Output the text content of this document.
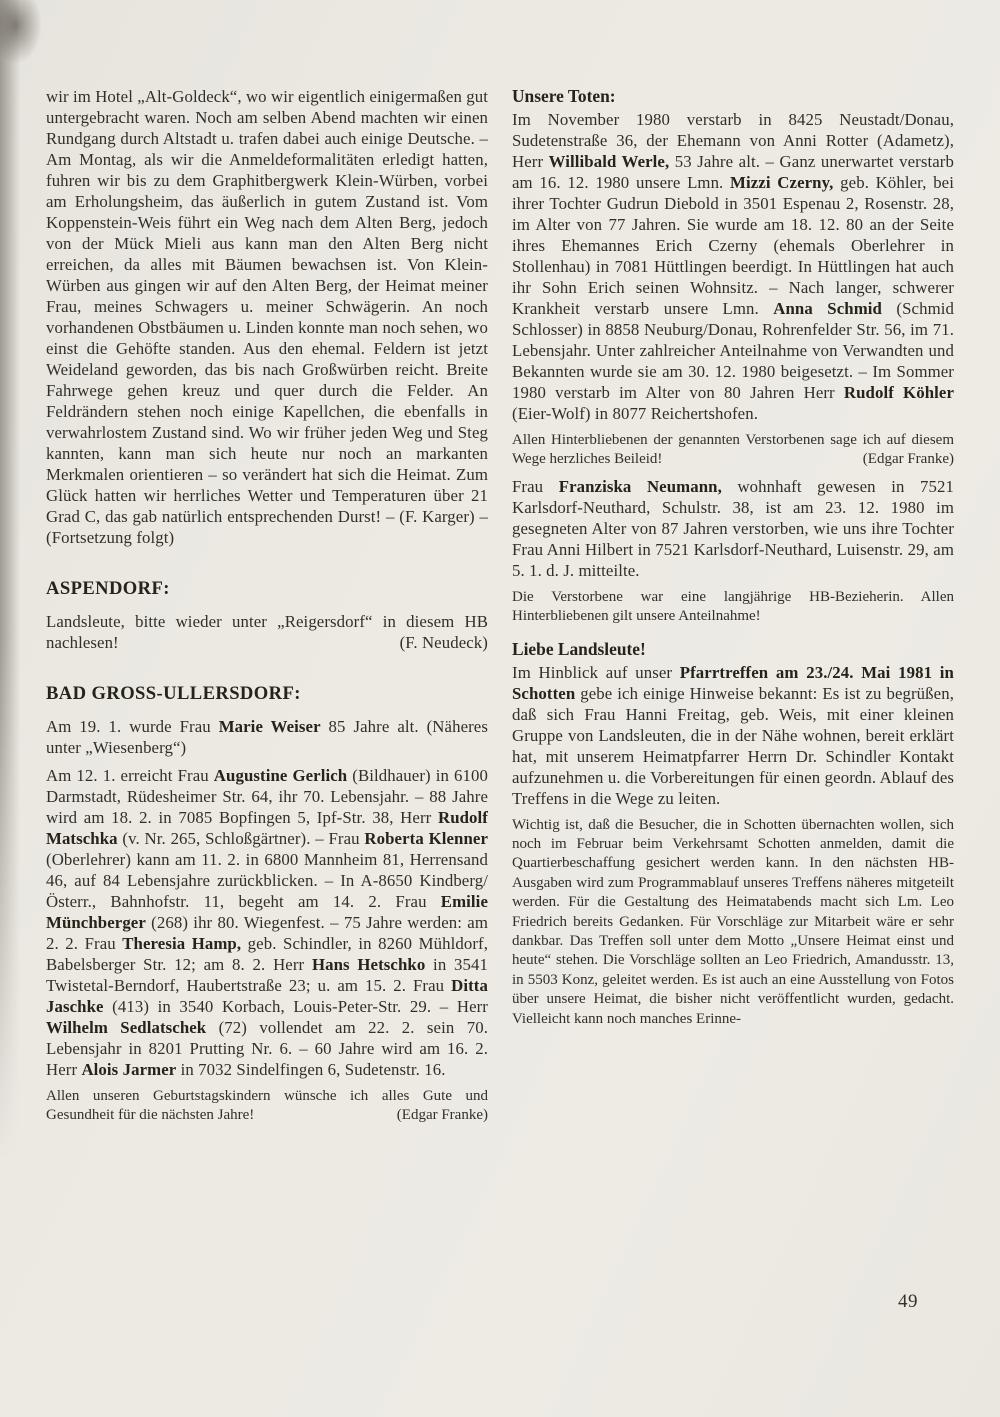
wir im Hotel „Alt-Goldeck“, wo wir eigentlich einigermaßen gut untergebracht waren. Noch am selben Abend machten wir einen Rundgang durch Altstadt u. trafen dabei auch einige Deutsche. – Am Montag, als wir die Anmeldeformalitäten erledigt hatten, fuhren wir bis zu dem Graphitbergwerk Klein-Würben, vorbei am Erholungsheim, das äußerlich in gutem Zustand ist. Vom Koppenstein-Weis führt ein Weg nach dem Alten Berg, jedoch von der Mück Mieli aus kann man den Alten Berg nicht erreichen, da alles mit Bäumen bewachsen ist. Von Klein-Würben aus gingen wir auf den Alten Berg, der Heimat meiner Frau, meines Schwagers u. meiner Schwägerin. An noch vorhandenen Obstbäumen u. Linden konnte man noch sehen, wo einst die Gehöfte standen. Aus den ehemal. Feldern ist jetzt Weideland geworden, das bis nach Großwürben reicht. Breite Fahrwege gehen kreuz und quer durch die Felder. An Feldrändern stehen noch einige Kapellchen, die ebenfalls in verwahrlostem Zustand sind. Wo wir früher jeden Weg und Steg kannten, kann man sich heute nur noch an markanten Merkmalen orientieren – so verändert hat sich die Heimat. Zum Glück hatten wir herrliches Wetter und Temperaturen über 21 Grad C, das gab natürlich entsprechenden Durst! – (F. Karger) – (Fortsetzung folgt)

ASPENDORF:

Landsleute, bitte wieder unter „Reigersdorf“ in diesem HB nachlesen!	(F. Neudeck)

BAD GROSS-ULLERSDORF:

Am 19. 1. wurde Frau Marie Weiser 85 Jahre alt. (Näheres unter „Wiesenberg“)

Am 12. 1. erreicht Frau Augustine Gerlich (Bildhauer) in 6100 Darmstadt, Rüdesheimer Str. 64, ihr 70. Lebensjahr. – 88 Jahre wird am 18. 2. in 7085 Bopfingen 5, Ipf-Str. 38, Herr Rudolf Matschka (v. Nr. 265, Schloßgärtner). – Frau Roberta Klenner (Oberlehrer) kann am 11. 2. in 6800 Mannheim 81, Herrensand 46, auf 84 Lebensjahre zurückblicken. – In A-8650 Kindberg/Österr., Bahnhofstr. 11, begeht am 14. 2. Frau Emilie Münchberger (268) ihr 80. Wiegenfest. – 75 Jahre werden: am 2. 2. Frau Theresia Hamp, geb. Schindler, in 8260 Mühldorf, Babelsberger Str. 12; am 8. 2. Herr Hans Hetschko in 3541 Twistetal-Berndorf, Haubertstraße 23; u. am 15. 2. Frau Ditta Jaschke (413) in 3540 Korbach, Louis-Peter-Str. 29. – Herr Wilhelm Sedlatschek (72) vollendet am 22. 2. sein 70. Lebensjahr in 8201 Prutting Nr. 6. – 60 Jahre wird am 16. 2. Herr Alois Jarmer in 7032 Sindelfingen 6, Sudetenstr. 16.

Allen unseren Geburtstagskindern wünsche ich alles Gute und Gesundheit für die nächsten Jahre!	(Edgar Franke)

Unsere Toten:

Im November 1980 verstarb in 8425 Neustadt/Donau, Sudetenstraße 36, der Ehemann von Anni Rotter (Adametz), Herr Willibald Werle, 53 Jahre alt. – Ganz unerwartet verstarb am 16. 12. 1980 unsere Lmn. Mizzi Czerny, geb. Köhler, bei ihrer Tochter Gudrun Diebold in 3501 Espenau 2, Rosenstr. 28, im Alter von 77 Jahren. Sie wurde am 18. 12. 80 an der Seite ihres Ehemannes Erich Czerny (ehemals Oberlehrer in Stollenhau) in 7081 Hüttlingen beerdigt. In Hüttlingen hat auch ihr Sohn Erich seinen Wohnsitz. – Nach langer, schwerer Krankheit verstarb unsere Lmn. Anna Schmid (Schmid Schlosser) in 8858 Neuburg/Donau, Rohrenfelder Str. 56, im 71. Lebensjahr. Unter zahlreicher Anteilnahme von Verwandten und Bekannten wurde sie am 30. 12. 1980 beigesetzt. – Im Sommer 1980 verstarb im Alter von 80 Jahren Herr Rudolf Köhler (Eier-Wolf) in 8077 Reichertshofen.

Allen Hinterbliebenen der genannten Verstorbenen sage ich auf diesem Wege herzliches Beileid!	(Edgar Franke)

Frau Franziska Neumann, wohnhaft gewesen in 7521 Karlsdorf-Neuthard, Schulstr. 38, ist am 23. 12. 1980 im gesegneten Alter von 87 Jahren verstorben, wie uns ihre Tochter Frau Anni Hilbert in 7521 Karlsdorf-Neuthard, Luisenstr. 29, am 5. 1. d. J. mitteilte.

Die Verstorbene war eine langjährige HB-Bezieherin. Allen Hinterbliebenen gilt unsere Anteilnahme!

Liebe Landsleute!

Im Hinblick auf unser Pfarrtreffen am 23./24. Mai 1981 in Schotten gebe ich einige Hinweise bekannt: Es ist zu begrüßen, daß sich Frau Hanni Freitag, geb. Weis, mit einer kleinen Gruppe von Landsleuten, die in der Nähe wohnen, bereit erklärt hat, mit unserem Heimatpfarrer Herrn Dr. Schindler Kontakt aufzunehmen u. die Vorbereitungen für einen geordn. Ablauf des Treffens in die Wege zu leiten.

Wichtig ist, daß die Besucher, die in Schotten übernachten wollen, sich noch im Februar beim Verkehrsamt Schotten anmelden, damit die Quartierbeschaffung gesichert werden kann. In den nächsten HB-Ausgaben wird zum Programmablauf unseres Treffens näheres mitgeteilt werden. Für die Gestaltung des Heimatabends macht sich Lm. Leo Friedrich bereits Gedanken. Für Vorschläge zur Mitarbeit wäre er sehr dankbar. Das Treffen soll unter dem Motto „Unsere Heimat einst und heute“ stehen. Die Vorschläge sollten an Leo Friedrich, Amandusstr. 13, in 5503 Konz, geleitet werden. Es ist auch an eine Ausstellung von Fotos über unsere Heimat, die bisher nicht veröffentlicht wurden, gedacht. Vielleicht kann noch manches Erinne-

49
